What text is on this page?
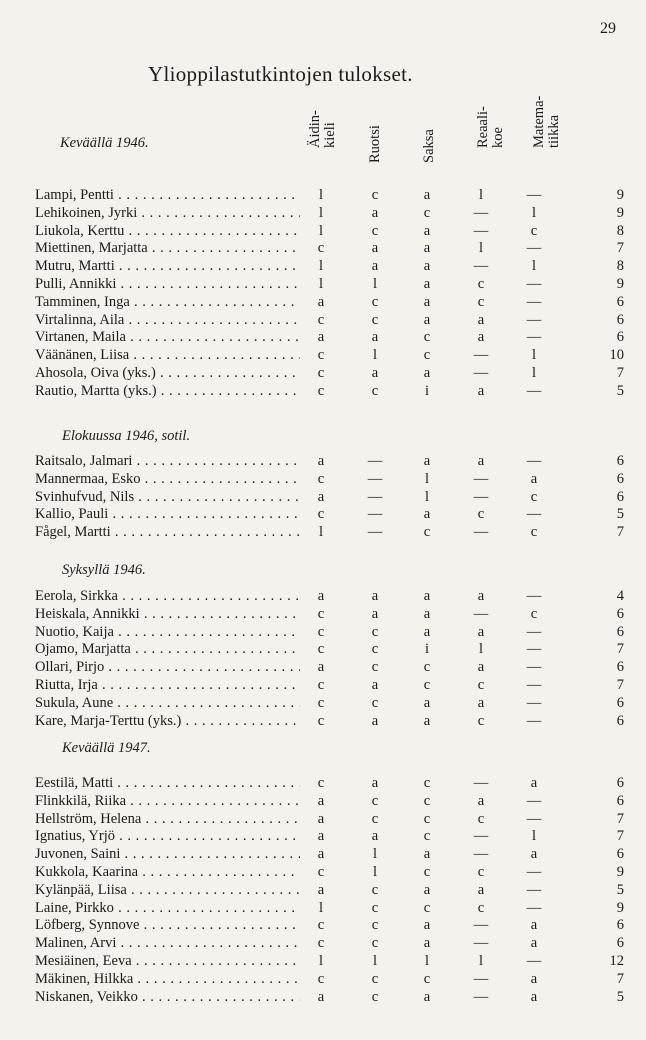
29
Ylioppilastutkintojen tulokset.
Äidin-
kieli Ruotsi	Saksa	Reaali-
koe Matema-
tiikka
Keväällä 1946.
Lampi, Pentti . . .	l	c	a	l	—	9
Lehikoinen, Jyrki . . .	l	a	c	—	l	9
Liukola, Kerttu . . .	l	c	a	—	c	8
Miettinen, Marjatta . . .	c	a	a	l	—	7
Mutru, Martti . . .	l	a	a	—	l	8
Pulli, Annikki . . .	l	l	a	c	—	9
Tamminen, Inga . . .	a	c	a	c	—	6
Virtalinna, Aila . . .	c	c	a	a	—	6
Virtanen, Maila . . .	a	a	c	a	—	6
Väänänen, Liisa . . .	c	l	c	—	l	10
Ahosola, Oiva (yks.) . . .	c	a	a	—	l	7
Rautio, Martta (yks.) . . .	c	c	i	a	—	5
Elokuussa 1946, sotil.
Raitsalo, Jalmari . . .	a	—	a	a	—	6
Mannermaa, Esko . . .	c	—	l	—	a	6
Svinhufvud, Nils . . .	a	—	l	—	c	6
Kallio, Pauli . . .	c	—	a	c	—	5
Fågel, Martti . . .	l	—	c	—	c	7
Syksyllä 1946.
Eerola, Sirkka . . .	a	a	a	a	—	4
Heiskala, Annikki . . .	c	a	a	—	c	6
Nuotio, Kaija . . .	c	c	a	a	—	6
Ojamo, Marjatta . . .	c	c	i	l	—	7
Ollari, Pirjo . . .	a	c	c	a	—	6
Riutta, Irja . . .	c	a	c	c	—	7
Sukula, Aune . . .	c	c	a	a	—	6
Kare, Marja-Terttu (yks.) . . .	c	a	a	c	—	6
Keväällä 1947.
Eestilä, Matti . . .	c	a	c	—	a	6
Flinkkilä, Riika . . .	a	c	c	a	—	6
Hellström, Helena . . .	a	c	c	c	—	7
Ignatius, Yrjö . . .	a	a	c	—	l	7
Juvonen, Saini . . .	a	l	a	—	a	6
Kukkola, Kaarina . . .	c	l	c	c	—	9
Kylänpää, Liisa . . .	a	c	a	a	—	5
Laine, Pirkko . . .	l	c	c	c	—	9
Löfberg, Synnove . . .	c	c	a	—	a	6
Malinen, Arvi . . .	c	c	a	—	a	6
Mesiäinen, Eeva . . .	l	l	l	l	—	12
Mäkinen, Hilkka . . .	c	c	c	—	a	7
Niskanen, Veikko . . .	a	c	a	—	a	5
